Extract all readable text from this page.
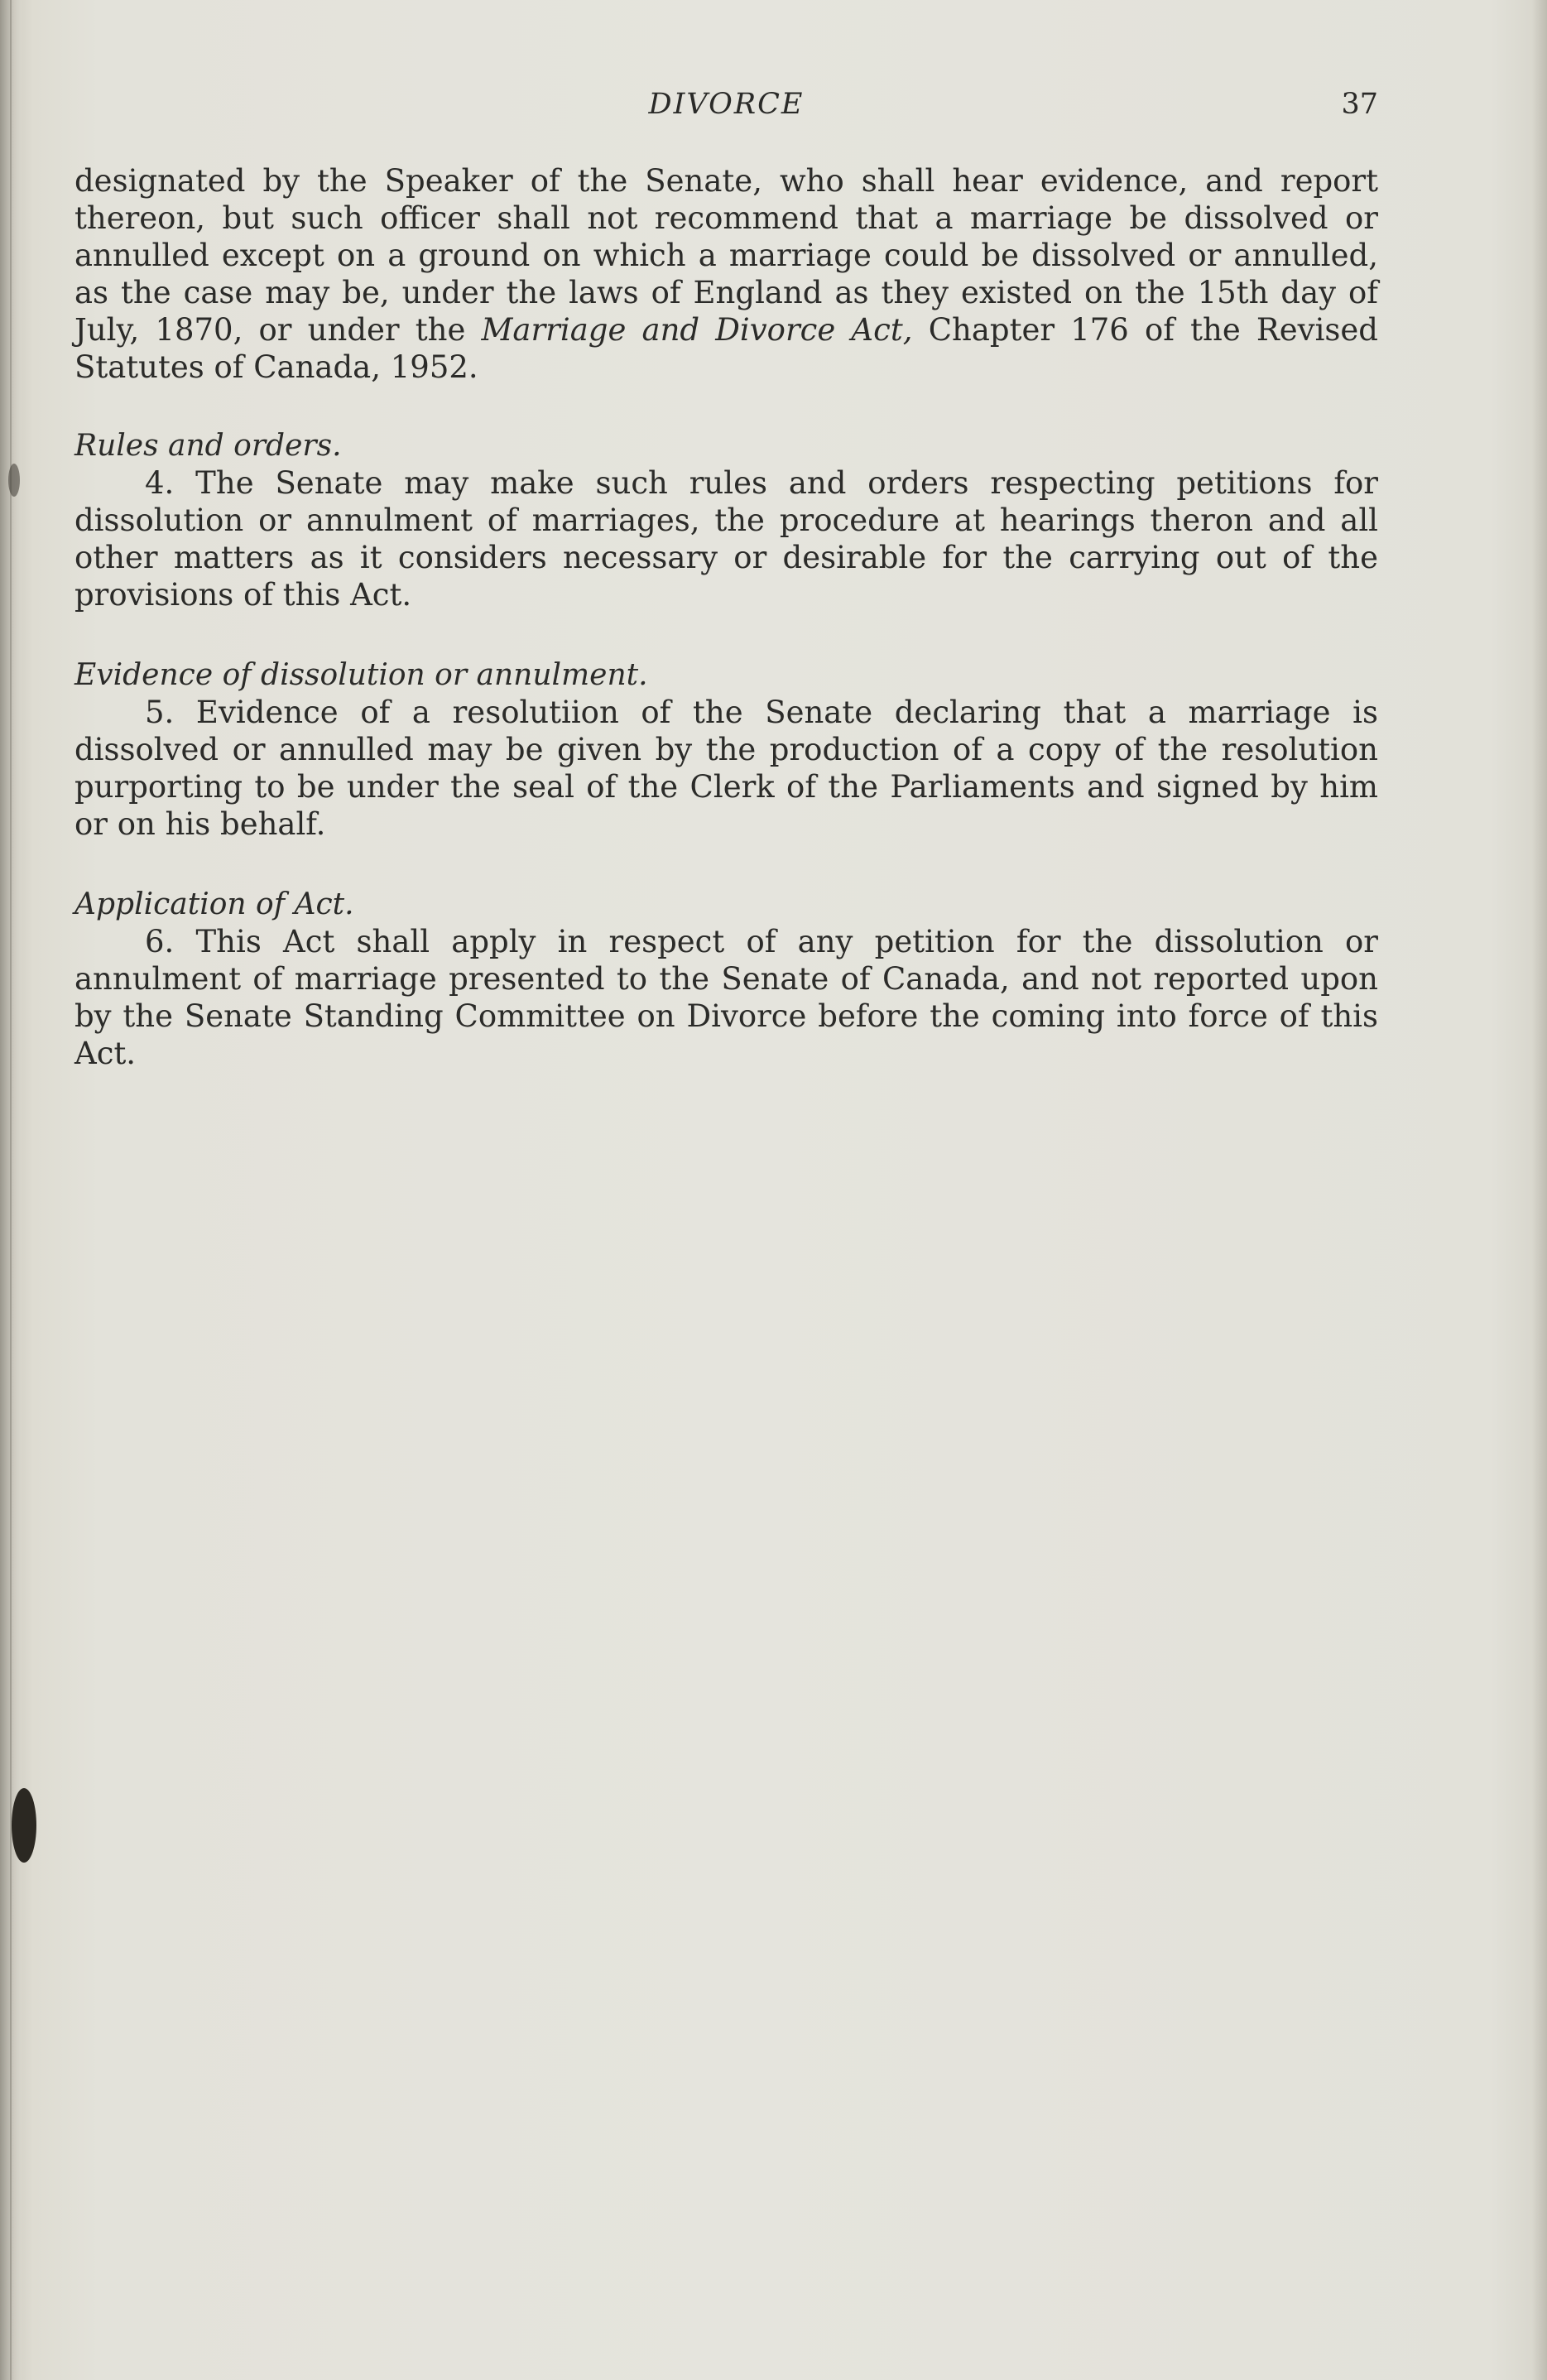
DIVORCE	37

designated by the Speaker of the Senate, who shall hear evidence, and report thereon, but such officer shall not recommend that a marriage be dissolved or annulled except on a ground on which a marriage could be dissolved or annulled, as the case may be, under the laws of England as they existed on the 15th day of July, 1870, or under the Marriage and Divorce Act, Chapter 176 of the Revised Statutes of Canada, 1952.

Rules and orders.

4. The Senate may make such rules and orders respecting petitions for dissolution or annulment of marriages, the procedure at hearings theron and all other matters as it considers necessary or desirable for the carrying out of the provisions of this Act.

Evidence of dissolution or annulment.

5. Evidence of a resolutiion of the Senate declaring that a marriage is dissolved or annulled may be given by the production of a copy of the resolution purporting to be under the seal of the Clerk of the Parliaments and signed by him or on his behalf.

Application of Act.

6. This Act shall apply in respect of any petition for the dissolution or annulment of marriage presented to the Senate of Canada, and not reported upon by the Senate Standing Committee on Divorce before the coming into force of this Act.
